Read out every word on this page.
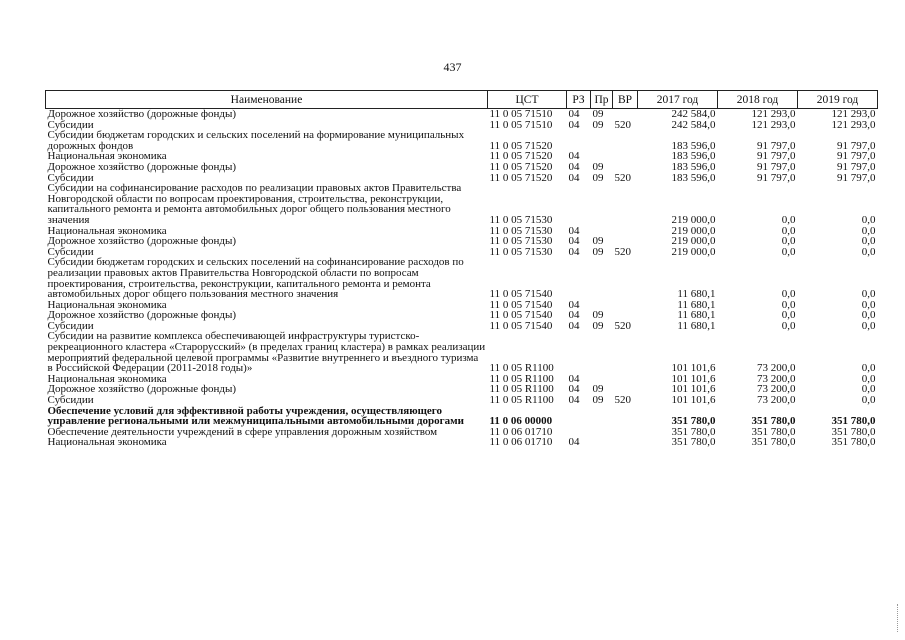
437
Наименование	ЦСТ	РЗ	Пр	ВР	2017 год	2018 год	2019 год
Дорожное хозяйство (дорожные фонды)	11 0 05 71510	04	09		242 584,0	121 293,0	121 293,0
Субсидии	11 0 05 71510	04	09	520	242 584,0	121 293,0	121 293,0
Субсидии бюджетам городских и сельских поселений на формирование муниципальных дорожных фондов	11 0 05 71520				183 596,0	91 797,0	91 797,0
Национальная экономика	11 0 05 71520	04			183 596,0	91 797,0	91 797,0
Дорожное хозяйство (дорожные фонды)	11 0 05 71520	04	09		183 596,0	91 797,0	91 797,0
Субсидии	11 0 05 71520	04	09	520	183 596,0	91 797,0	91 797,0
Субсидии на софинансирование расходов по реализации правовых актов Правительства Новгородской области по вопросам проектирования, строительства, реконструкции, капитального ремонта и ремонта автомобильных дорог общего пользования местного значения	11 0 05 71530				219 000,0	0,0	0,0
Национальная экономика	11 0 05 71530	04			219 000,0	0,0	0,0
Дорожное хозяйство (дорожные фонды)	11 0 05 71530	04	09		219 000,0	0,0	0,0
Субсидии	11 0 05 71530	04	09	520	219 000,0	0,0	0,0
Субсидии бюджетам городских и сельских поселений на софинансирование расходов по реализации правовых актов Правительства Новгородской области по вопросам проектирования, строительства, реконструкции, капитального ремонта и ремонта автомобильных дорог общего пользования местного значения	11 0 05 71540				11 680,1	0,0	0,0
Национальная экономика	11 0 05 71540	04			11 680,1	0,0	0,0
Дорожное хозяйство (дорожные фонды)	11 0 05 71540	04	09		11 680,1	0,0	0,0
Субсидии	11 0 05 71540	04	09	520	11 680,1	0,0	0,0
Субсидии на развитие комплекса обеспечивающей инфраструктуры туристско-рекреационного кластера «Старорусский» (в пределах границ кластера) в рамках реализации мероприятий федеральной целевой программы «Развитие внутреннего и въездного туризма в Российской Федерации (2011-2018 годы)»	11 0 05 R1100				101 101,6	73 200,0	0,0
Национальная экономика	11 0 05 R1100	04			101 101,6	73 200,0	0,0
Дорожное хозяйство (дорожные фонды)	11 0 05 R1100	04	09		101 101,6	73 200,0	0,0
Субсидии	11 0 05 R1100	04	09	520	101 101,6	73 200,0	0,0
Обеспечение условий для эффективной работы учреждения, осуществляющего управление региональными или межмуниципальными автомобильными дорогами	11 0 06 00000				351 780,0	351 780,0	351 780,0
Обеспечение деятельности учреждений в сфере управления дорожным хозяйством	11 0 06 01710				351 780,0	351 780,0	351 780,0
Национальная экономика	11 0 06 01710	04			351 780,0	351 780,0	351 780,0
